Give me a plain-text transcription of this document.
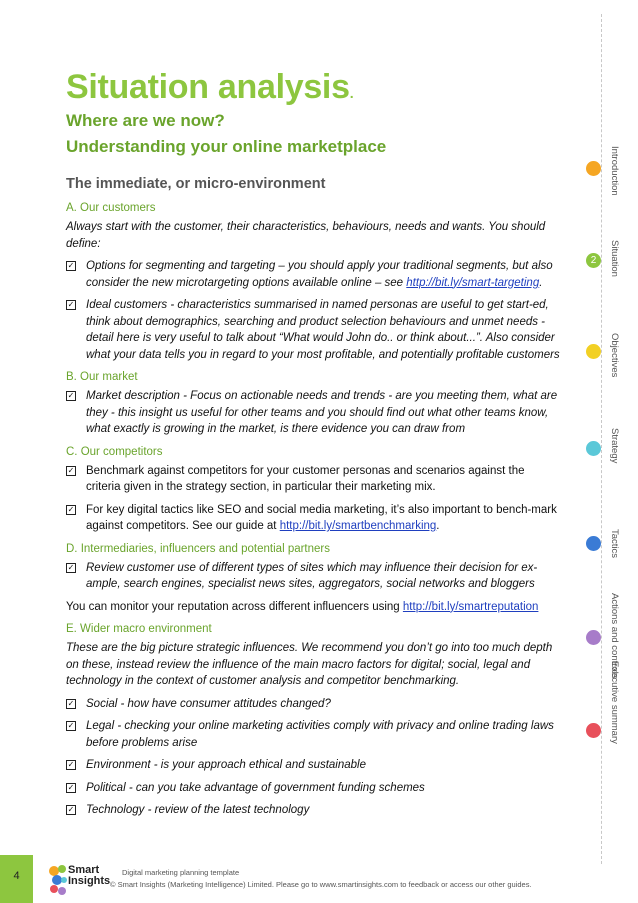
Situation analysis.
Where are we now?
Understanding your online marketplace
The immediate, or micro-environment
A. Our customers
Always start with the customer, their characteristics, behaviours, needs and wants. You should define:
✓ Options for segmenting and targeting – you should apply your traditional segments, but also consider the new microtargeting options available online – see http://bit.ly/smart-targeting.
✓ Ideal customers - characteristics summarised in named personas are useful to get start-ed, think about demographics, searching and product selection behaviours and unmet needs - detail here is very useful to talk about “What would John do.. or think about...”. Also consider what your data tells you in regard to your most profitable, and potentially profitable customers
B. Our market
✓ Market description - Focus on actionable needs and trends - are you meeting them, what are they - this insight us useful for other teams and you should find out what other teams know, what exactly is growing in the market, is there evidence you can draw from
C. Our competitors
✓ Benchmark against competitors for your customer personas and scenarios against the criteria given in the strategy section, in particular their marketing mix.
✓ For key digital tactics like SEO and social media marketing, it’s also important to bench-mark against competitors. See our guide at http://bit.ly/smartbenchmarking.
D. Intermediaries, influencers and potential partners
✓ Review customer use of different types of sites which may influence their decision for ex-ample, search engines, specialist news sites, aggregators, social networks and bloggers
You can monitor your reputation across different influencers using http://bit.ly/smartreputation
E. Wider macro environment
These are the big picture strategic influences. We recommend you don’t go into too much depth on these, instead review the influence of the main macro factors for digital; social, legal and technology in the context of customer analysis and competitor benchmarking.
✓ Social - how have consumer attitudes changed?
✓ Legal - checking your online marketing activities comply with privacy and online trading laws before problems arise
✓ Environment - is your approach ethical and sustainable
✓ Political - can you take advantage of government funding schemes
✓ Technology - review of the latest technology
Introduction
Situation
2
Objectives
Strategy
Tactics
Actions and controls
Executive summary
4	Smart
Insights
Digital marketing planning template
© Smart Insights (Marketing Intelligence) Limited. Please go to www.smartinsights.com to feedback or access our other guides.
